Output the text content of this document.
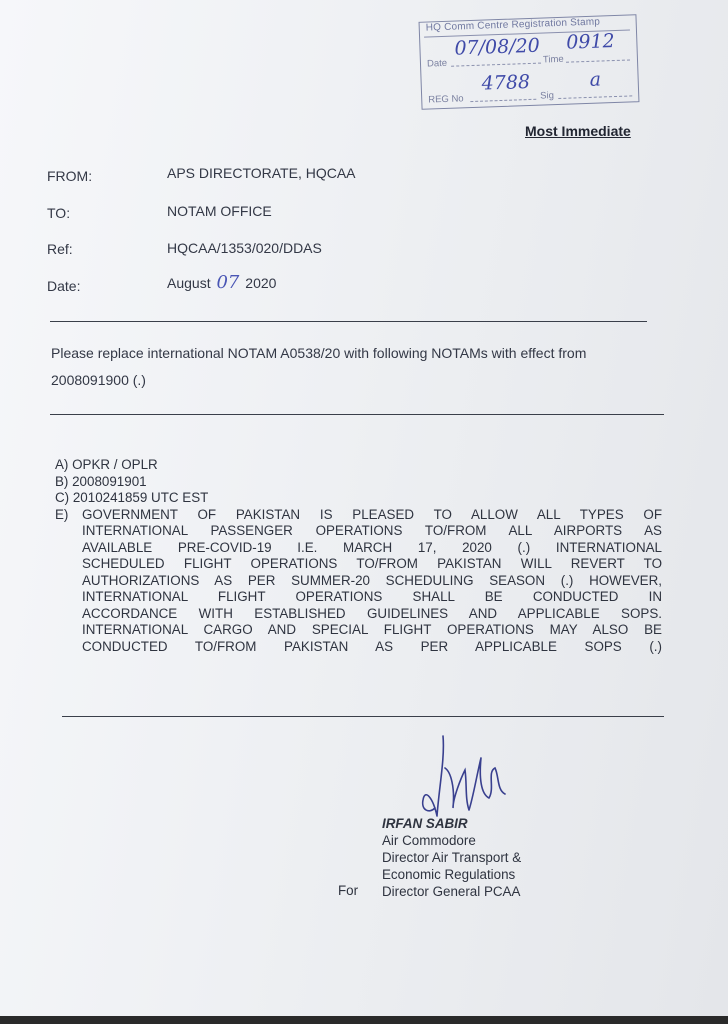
HQ Comm Centre Registration Stamp
Date
07/08/20
Time
0912
REG No
4788
Sig
a
Most Immediate
FROM:	APS DIRECTORATE, HQCAA
TO:	NOTAM OFFICE
Ref:	HQCAA/1353/020/DDAS
Date:	August 07 2020
Please replace international NOTAM A0538/20 with following NOTAMs with effect from
2008091900 (.)
A) OPKR / OPLR
B) 2008091901
C) 2010241859 UTC EST
E) GOVERNMENT OF PAKISTAN IS PLEASED TO ALLOW ALL TYPES OF
INTERNATIONAL PASSENGER OPERATIONS TO/FROM ALL AIRPORTS AS
AVAILABLE PRE-COVID-19 I.E. MARCH 17, 2020 (.) INTERNATIONAL
SCHEDULED FLIGHT OPERATIONS TO/FROM PAKISTAN WILL REVERT TO
AUTHORIZATIONS AS PER SUMMER-20 SCHEDULING SEASON (.) HOWEVER,
INTERNATIONAL FLIGHT OPERATIONS SHALL BE CONDUCTED IN
ACCORDANCE WITH ESTABLISHED GUIDELINES AND APPLICABLE SOPS.
INTERNATIONAL CARGO AND SPECIAL FLIGHT OPERATIONS MAY ALSO BE
CONDUCTED TO/FROM PAKISTAN AS PER APPLICABLE SOPS (.)
IRFAN SABIR
Air Commodore
Director Air Transport &
Economic Regulations
Director General PCAA
For
